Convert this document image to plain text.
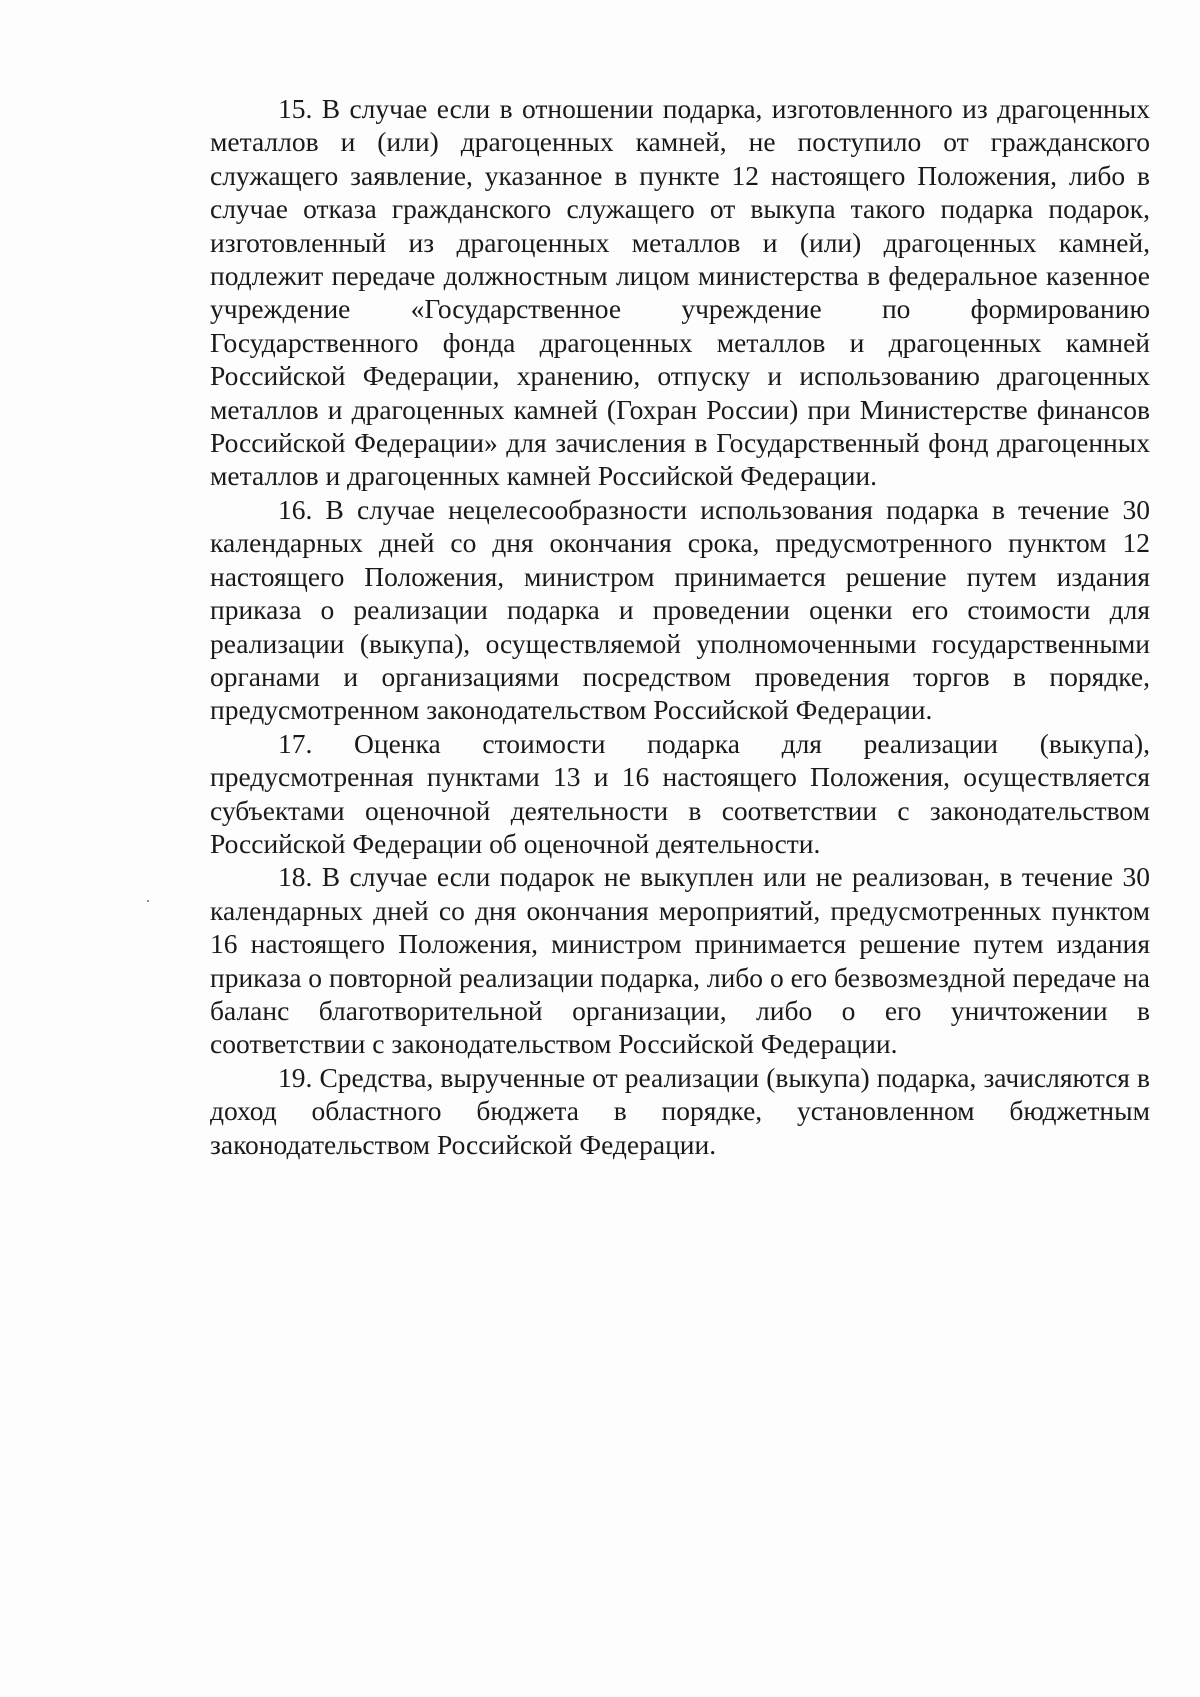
15. В случае если в отношении подарка, изготовленного из драгоценных металлов и (или) драгоценных камней, не поступило от гражданского служащего заявление, указанное в пункте 12 настоящего Положения, либо в случае отказа гражданского служащего от выкупа такого подарка подарок, изготовленный из драгоценных металлов и (или) драгоценных камней, подлежит передаче должностным лицом министерства в федеральное казенное учреждение «Государственное учреждение по формированию Государственного фонда драгоценных металлов и драгоценных камней Российской Федерации, хранению, отпуску и использованию драгоценных металлов и драгоценных камней (Гохран России) при Министерстве финансов Российской Федерации» для зачисления в Государственный фонд драгоценных металлов и драгоценных камней Российской Федерации.

16. В случае нецелесообразности использования подарка в течение 30 календарных дней со дня окончания срока, предусмотренного пунктом 12 настоящего Положения, министром принимается решение путем издания приказа о реализации подарка и проведении оценки его стоимости для реализации (выкупа), осуществляемой уполномоченными государственными органами и организациями посредством проведения торгов в порядке, предусмотренном законодательством Российской Федерации.

17. Оценка стоимости подарка для реализации (выкупа), предусмотренная пунктами 13 и 16 настоящего Положения, осуществляется субъектами оценочной деятельности в соответствии с законодательством Российской Федерации об оценочной деятельности.

18. В случае если подарок не выкуплен или не реализован, в течение 30 календарных дней со дня окончания мероприятий, предусмотренных пунктом 16 настоящего Положения, министром принимается решение путем издания приказа о повторной реализации подарка, либо о его безвозмездной передаче на баланс благотворительной организации, либо о его уничтожении в соответствии с законодательством Российской Федерации.

19. Средства, вырученные от реализации (выкупа) подарка, зачисляются в доход областного бюджета в порядке, установленном бюджетным законодательством Российской Федерации.
